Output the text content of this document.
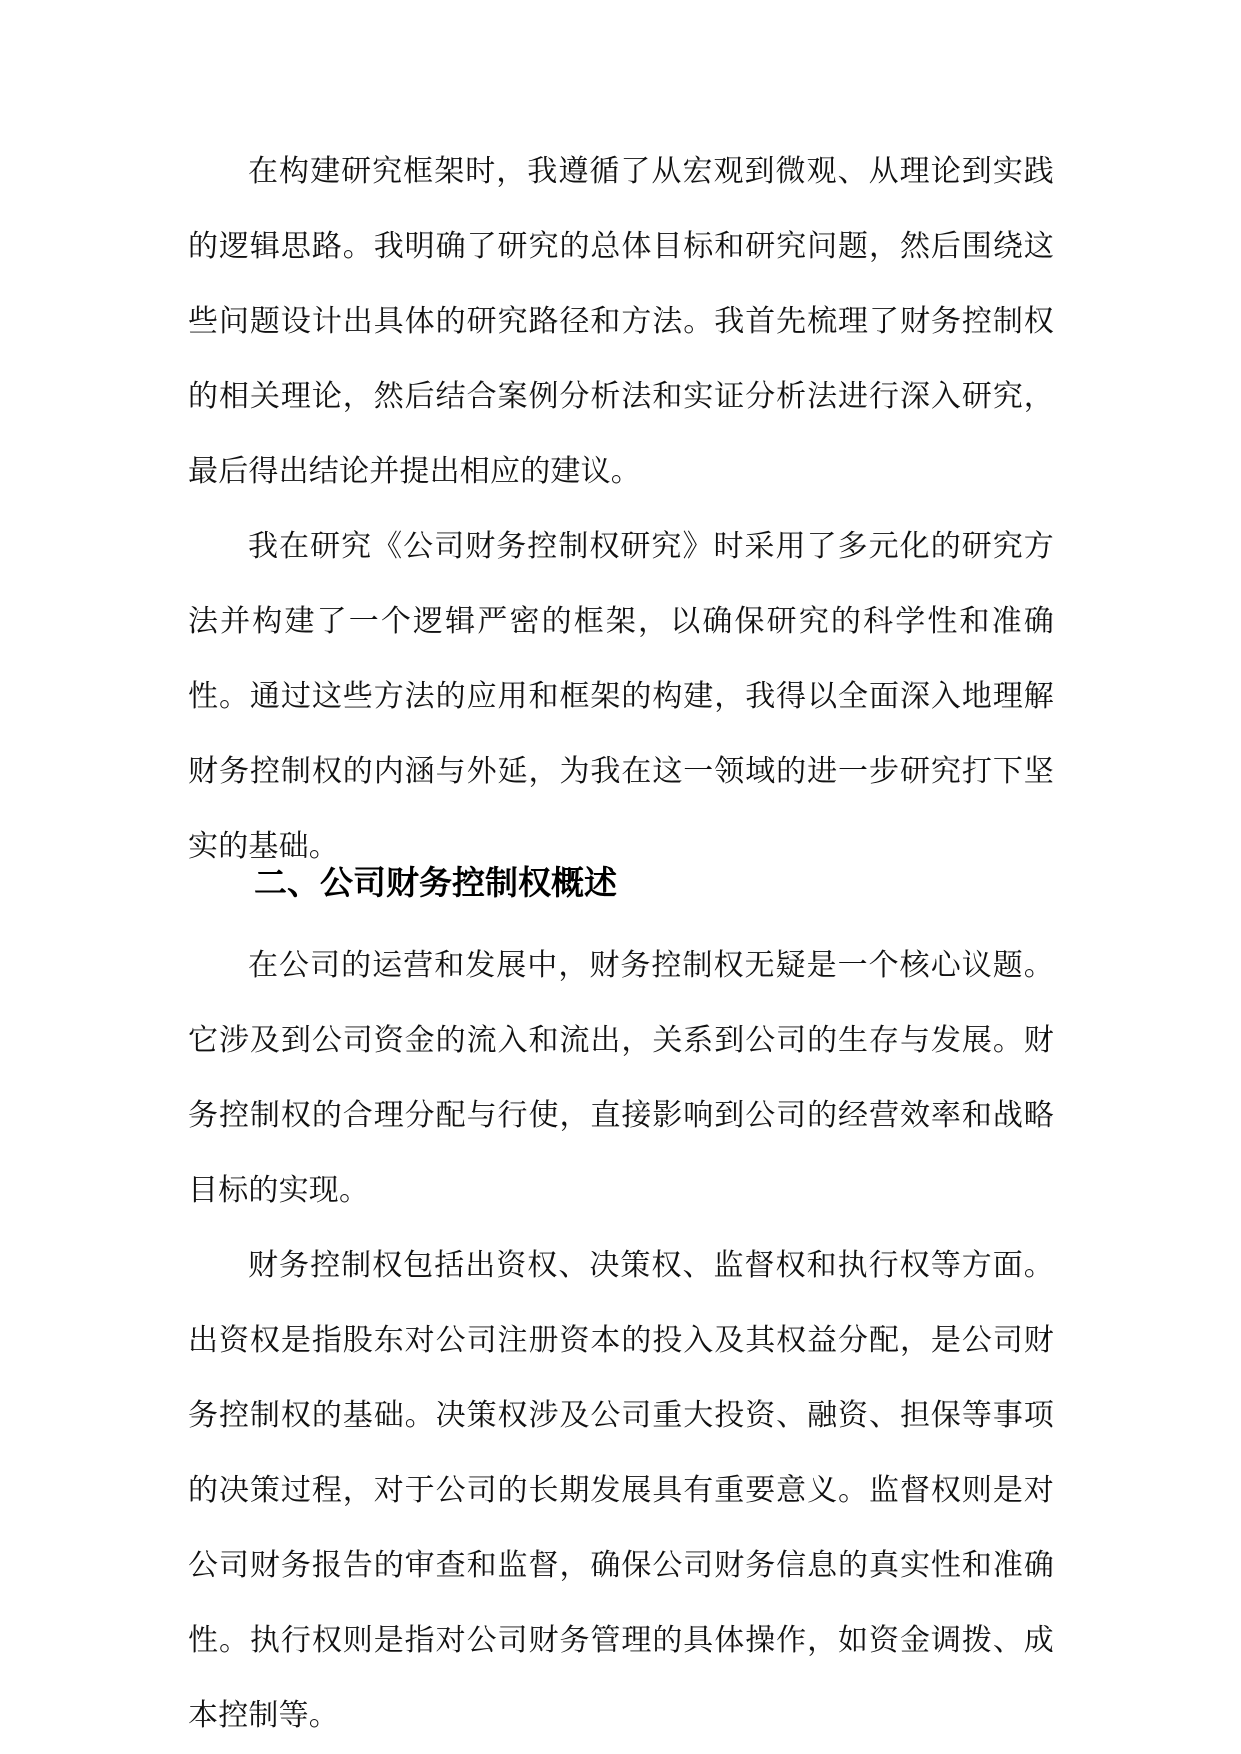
在构建研究框架时，我遵循了从宏观到微观、从理论到实践的逻辑思路。我明确了研究的总体目标和研究问题，然后围绕这些问题设计出具体的研究路径和方法。我首先梳理了财务控制权的相关理论，然后结合案例分析法和实证分析法进行深入研究，最后得出结论并提出相应的建议。

我在研究《公司财务控制权研究》时采用了多元化的研究方法并构建了一个逻辑严密的框架，以确保研究的科学性和准确性。通过这些方法的应用和框架的构建，我得以全面深入地理解财务控制权的内涵与外延，为我在这一领域的进一步研究打下坚实的基础。

二、公司财务控制权概述

在公司的运营和发展中，财务控制权无疑是一个核心议题。它涉及到公司资金的流入和流出，关系到公司的生存与发展。财务控制权的合理分配与行使，直接影响到公司的经营效率和战略目标的实现。

财务控制权包括出资权、决策权、监督权和执行权等方面。出资权是指股东对公司注册资本的投入及其权益分配，是公司财务控制权的基础。决策权涉及公司重大投资、融资、担保等事项的决策过程，对于公司的长期发展具有重要意义。监督权则是对公司财务报告的审查和监督，确保公司财务信息的真实性和准确性。执行权则是指对公司财务管理的具体操作，如资金调拨、成本控制等。
